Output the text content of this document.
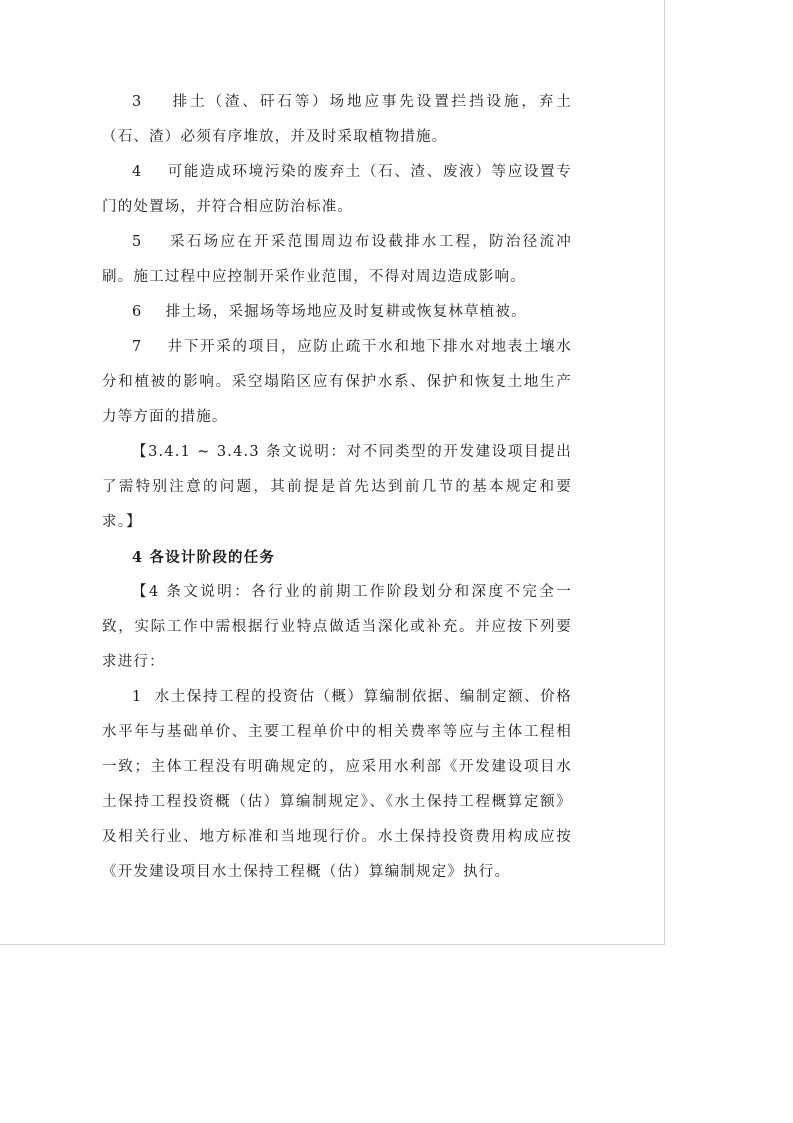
3 排土（渣、矸石等）场地应事先设置拦挡设施，弃土（石、渣）必须有序堆放，并及时采取植物措施。

4 可能造成环境污染的废弃土（石、渣、废液）等应设置专门的处置场，并符合相应防治标准。

5 采石场应在开采范围周边布设截排水工程，防治径流冲刷。施工过程中应控制开采作业范围，不得对周边造成影响。

6 排土场，采掘场等场地应及时复耕或恢复林草植被。

7 井下开采的项目，应防止疏干水和地下排水对地表土壤水分和植被的影响。采空塌陷区应有保护水系、保护和恢复土地生产力等方面的措施。

【3.4.1 ~ 3.4.3 条文说明：对不同类型的开发建设项目提出了需特别注意的问题，其前提是首先达到前几节的基本规定和要求。】

4 各设计阶段的任务

【4 条文说明：各行业的前期工作阶段划分和深度不完全一致，实际工作中需根据行业特点做适当深化或补充。并应按下列要求进行：

1 水土保持工程的投资估（概）算编制依据、编制定额、价格水平年与基础单价、主要工程单价中的相关费率等应与主体工程相一致；主体工程没有明确规定的，应采用水利部《开发建设项目水土保持工程投资概（估）算编制规定》、《水土保持工程概算定额》及相关行业、地方标准和当地现行价。水土保持投资费用构成应按《开发建设项目水土保持工程概（估）算编制规定》执行。
